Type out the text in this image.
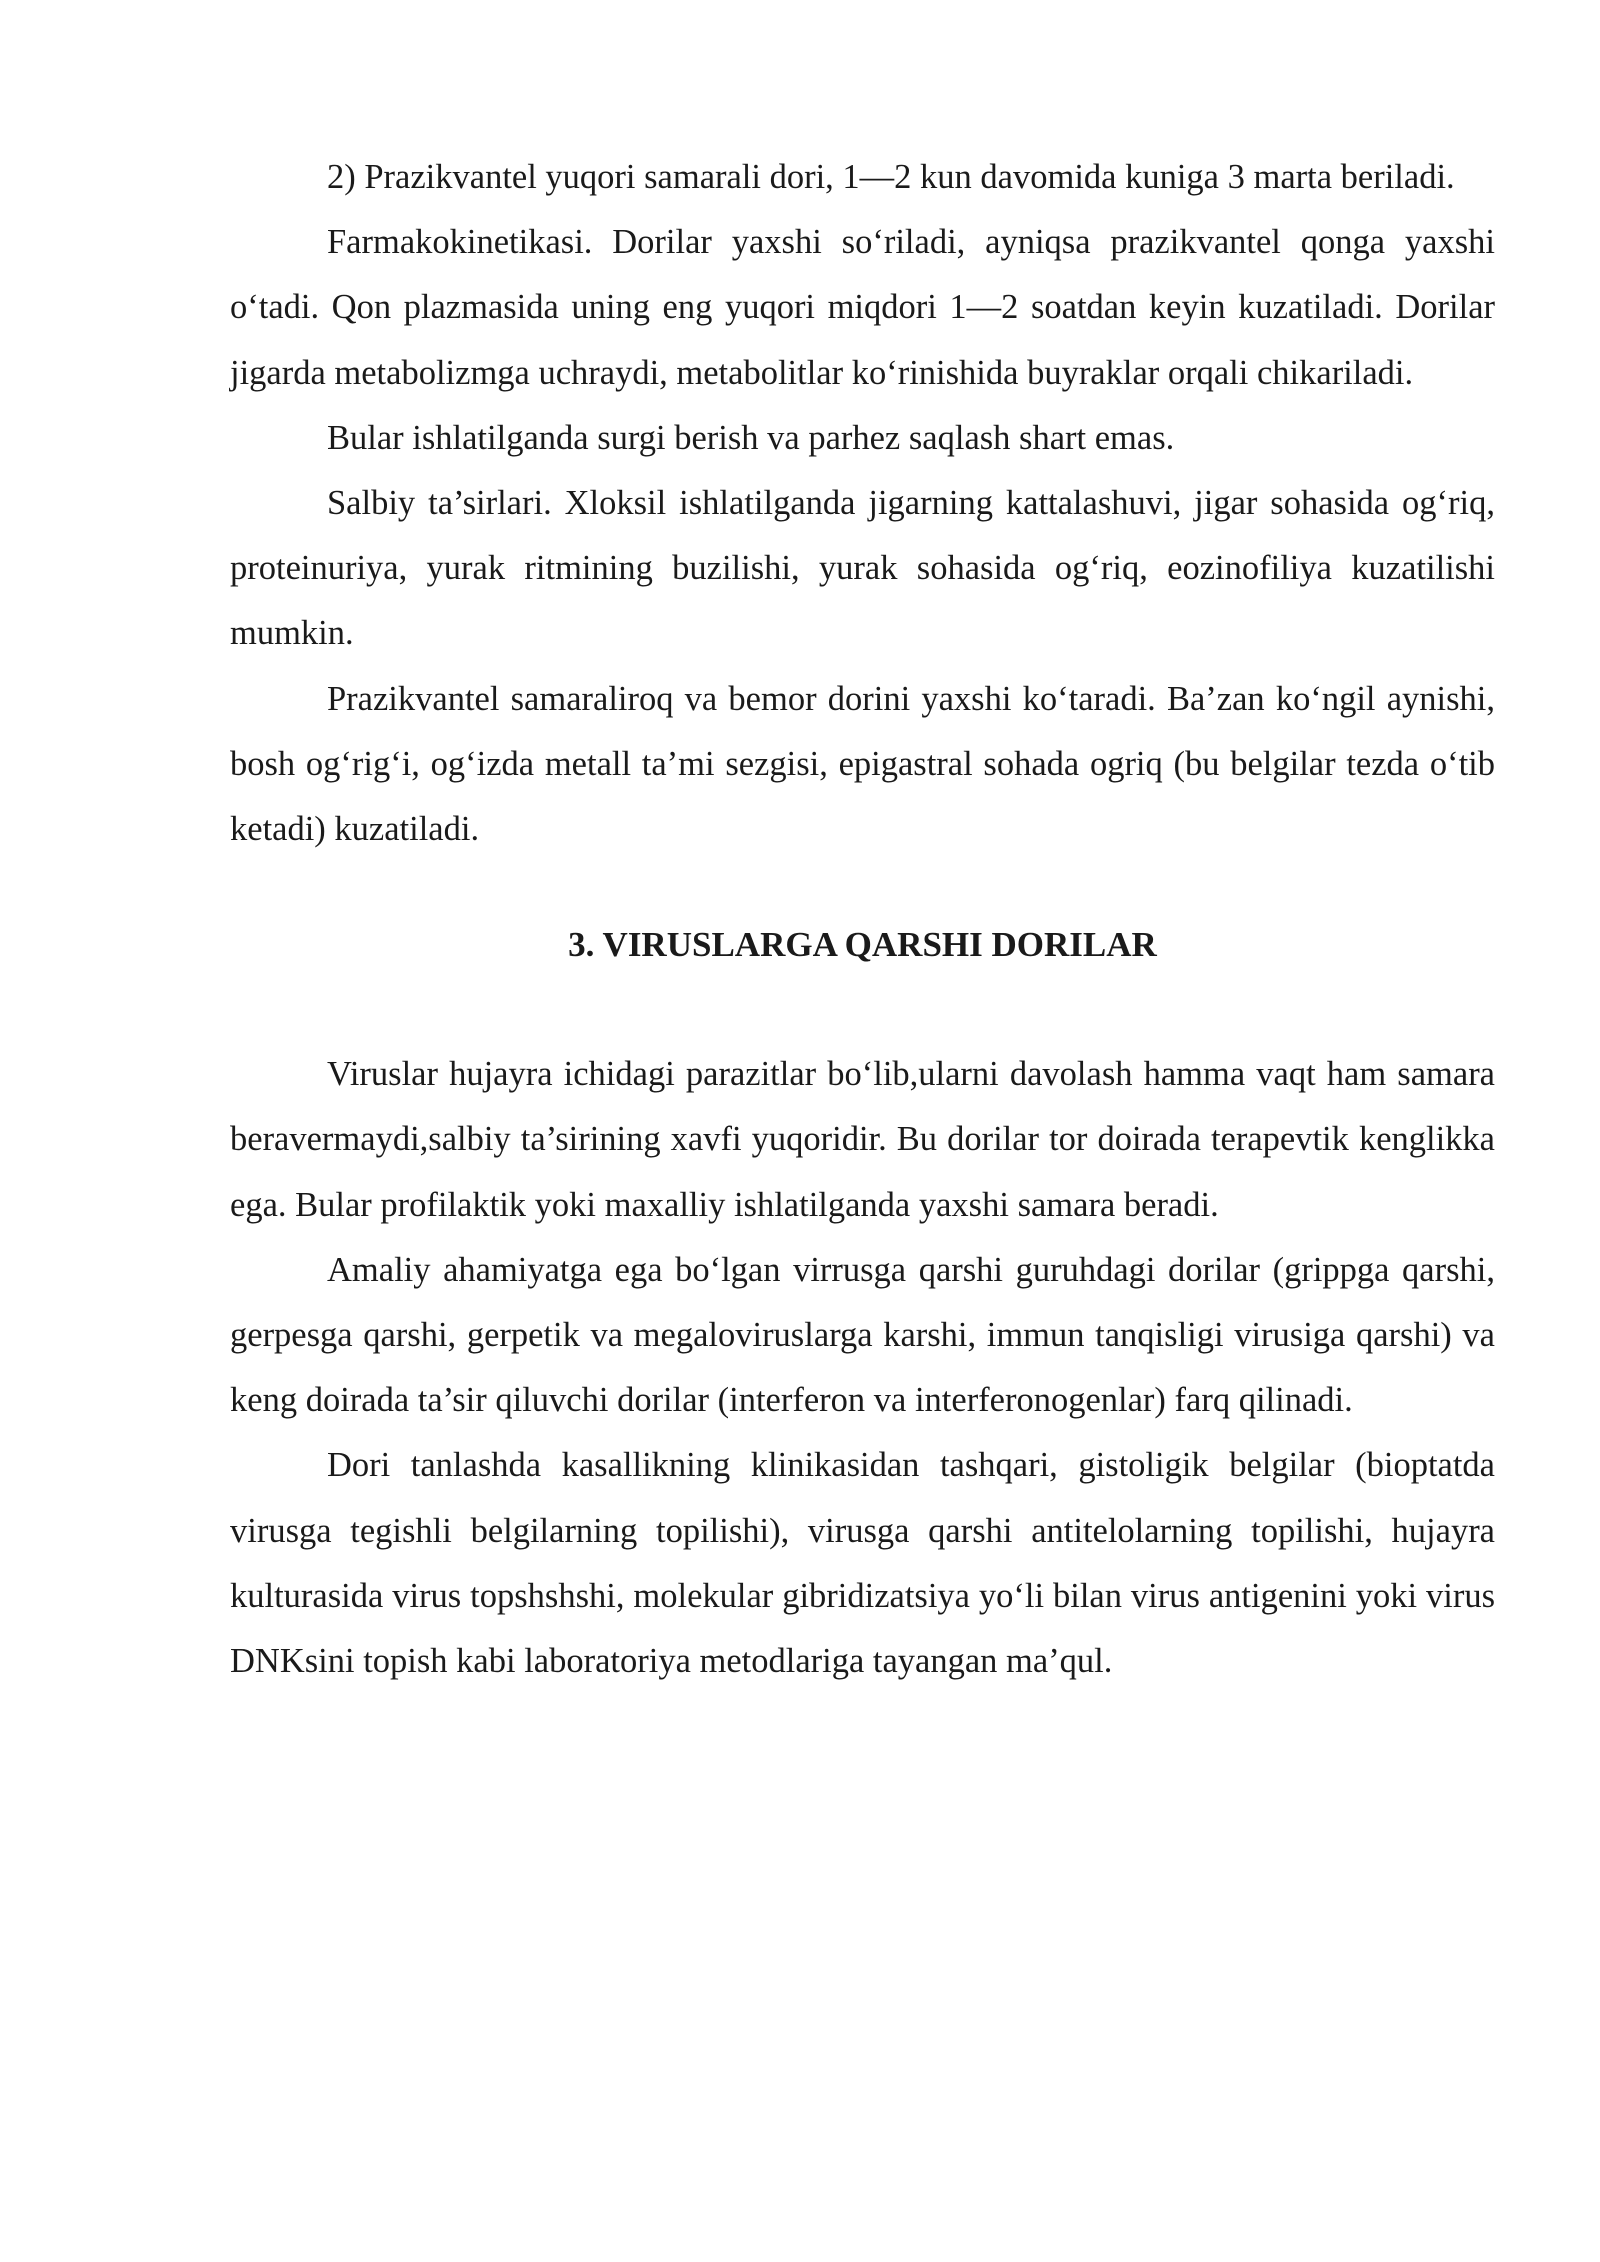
2) Prazikvantel yuqori samarali dori, 1—2 kun davomida kuniga 3 marta beriladi.

Farmakokinetikasi. Dorilar yaxshi so‘riladi, ayniqsa prazikvantel qonga yaxshi o‘tadi. Qon plazmasida uning eng yuqori miqdori 1—2 soatdan keyin kuzatiladi. Dorilar jigarda metabolizmga uchraydi, metabolitlar ko‘rinishida buyraklar orqali chikariladi.

Bular ishlatilganda surgi berish va parhez saqlash shart emas.

Salbiy ta’sirlari. Xloksil ishlatilganda jigarning kattalashuvi, jigar sohasida og‘riq, proteinuriya, yurak ritmining buzilishi, yurak sohasida og‘riq, eozinofiliya kuzatilishi mumkin.

Prazikvantel samaraliroq va bemor dorini yaxshi ko‘taradi. Ba’zan ko‘ngil aynishi, bosh og‘rig‘i, og‘izda metall ta’mi sezgisi, epigastral sohada ogriq (bu belgilar tezda o‘tib ketadi) kuzatiladi.

3. VIRUSLARGA QARSHI DORILAR

Viruslar hujayra ichidagi parazitlar bo‘lib,ularni davolash hamma vaqt ham samara beravermaydi,salbiy ta’sirining xavfi yuqoridir. Bu dorilar tor doirada terapevtik kenglikka ega. Bular profilaktik yoki maxalliy ishlatilganda yaxshi samara beradi.

Amaliy ahamiyatga ega bo‘lgan virrusga qarshi guruhdagi dorilar (grippga qarshi, gerpesga qarshi, gerpetik va megaloviruslarga karshi, immun tanqisligi virusiga qarshi) va keng doirada ta’sir qiluvchi dorilar (interferon va interferonogenlar) farq qilinadi.

Dori tanlashda kasallikning klinikasidan tashqari, gistoligik belgilar (bioptatda virusga tegishli belgilarning topilishi), virusga qarshi antitelolarning topilishi, hujayra kulturasida virus topshshshi, molekular gibridizatsiya yo‘li bilan virus antigenini yoki virus DNKsini topish kabi laboratoriya metodlariga tayangan ma’qul.
